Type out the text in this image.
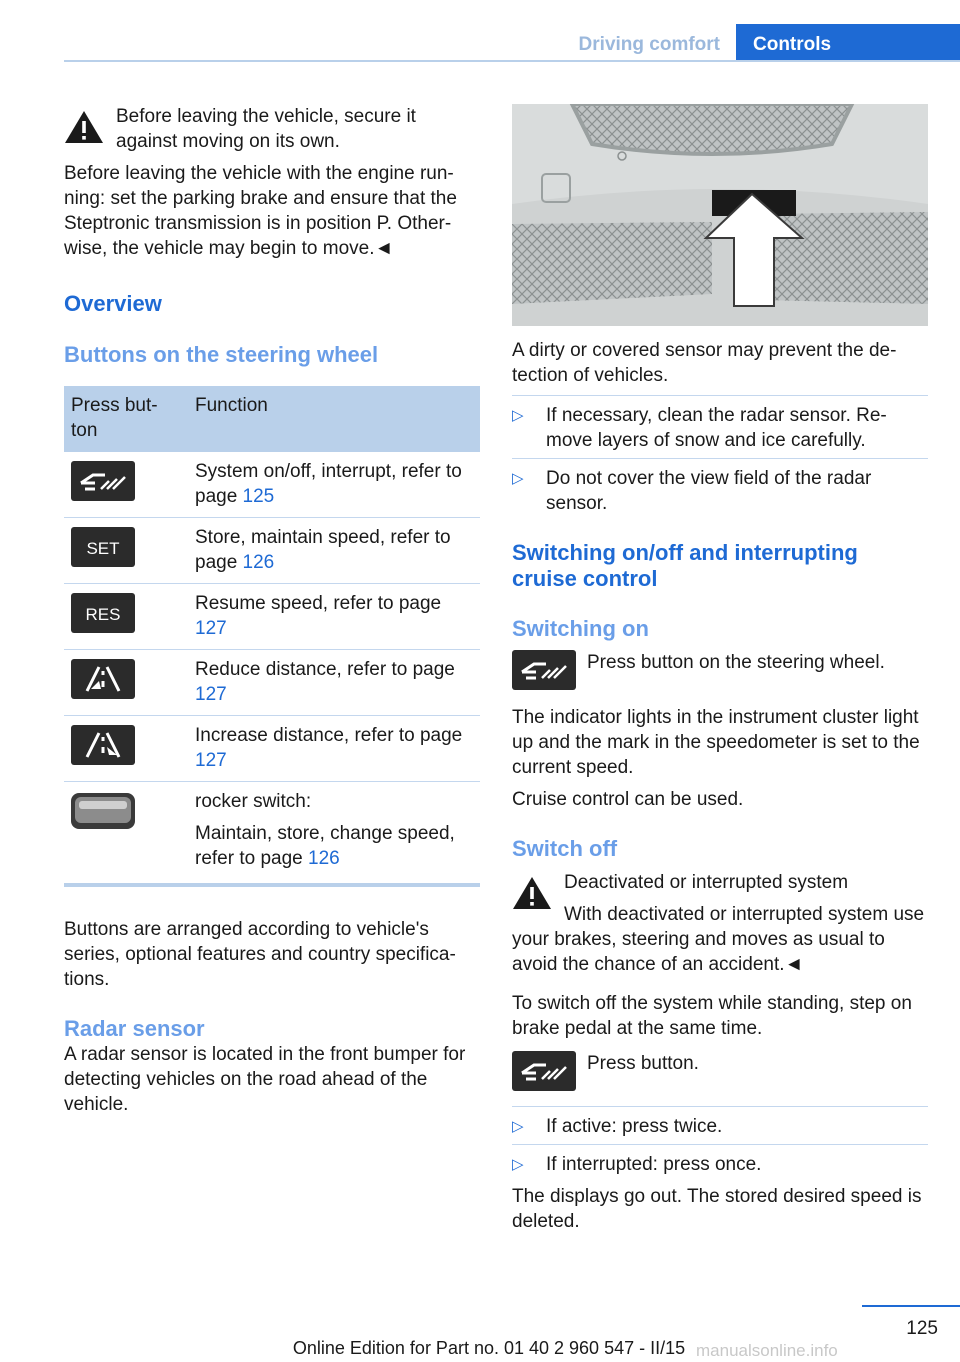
Driving comfort	Controls
Before leaving the vehicle, secure it against moving on its own.
Before leaving the vehicle with the engine run‐ ning: set the parking brake and ensure that the Steptronic transmission is in position P. Other‐ wise, the vehicle may begin to move.◄
Overview
Buttons on the steering wheel
Press but‐ ton	Function

	System on/off, interrupt, refer to page 125

SET	Store, maintain speed, refer to page 126

RES	Resume speed, refer to page 127

	Reduce distance, refer to page 127

	Increase distance, refer to page 127

rocker switch:
Maintain, store, change speed, refer to page 126
Buttons are arranged according to vehicle's series, optional features and country specifica‐ tions.
Radar sensor
A radar sensor is located in the front bumper for detecting vehicles on the road ahead of the vehicle.
A dirty or covered sensor may prevent the de‐ tection of vehicles.
▷ If necessary, clean the radar sensor. Re‐ move layers of snow and ice carefully.
▷ Do not cover the view field of the radar sensor.
Switching on/off and interrupting cruise control
Switching on
Press button on the steering wheel.
The indicator lights in the instrument cluster light up and the mark in the speedometer is set to the current speed.
Cruise control can be used.
Switch off
Deactivated or interrupted system
With deactivated or interrupted system use your brakes, steering and moves as usual to avoid the chance of an accident.◄
To switch off the system while standing, step on brake pedal at the same time.
Press button.
▷ If active: press twice.
▷ If interrupted: press once.
The displays go out. The stored desired speed is deleted.
125
Online Edition for Part no. 01 40 2 960 547 - II/15 manualsonline.info
